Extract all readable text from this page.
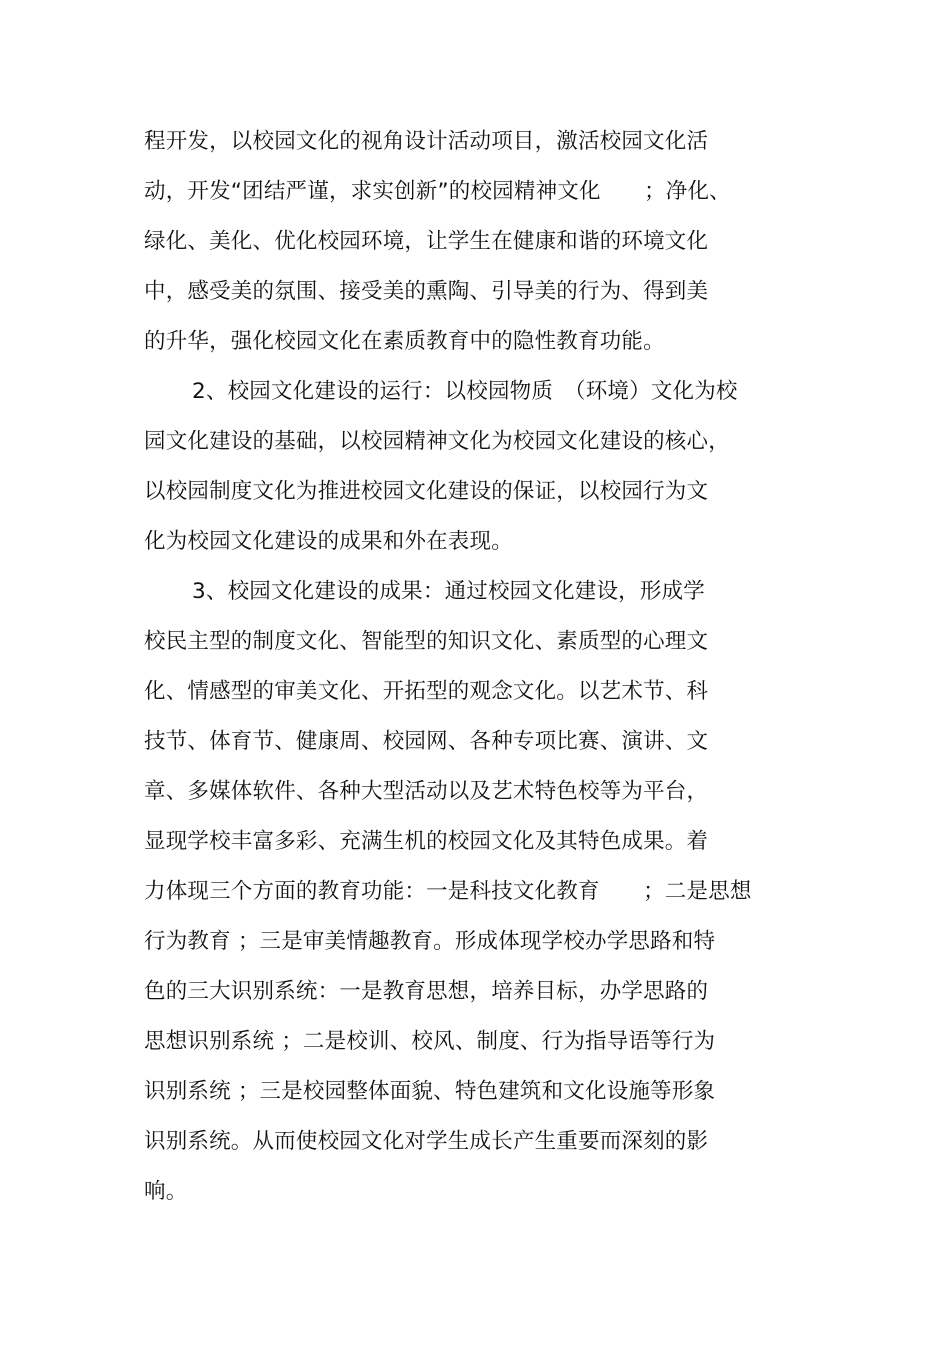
程开发，以校园文化的视角设计活动项目，激活校园文化活
动，开发“团结严谨，求实创新”的校园精神文化　　；净化、
绿化、美化、优化校园环境，让学生在健康和谐的环境文化
中，感受美的氛围、接受美的熏陶、引导美的行为、得到美
的升华，强化校园文化在素质教育中的隐性教育功能。
2、校园文化建设的运行：以校园物质　（环境）文化为校
园文化建设的基础，以校园精神文化为校园文化建设的核心，
以校园制度文化为推进校园文化建设的保证，以校园行为文
化为校园文化建设的成果和外在表现。
3、校园文化建设的成果：通过校园文化建设，形成学
校民主型的制度文化、智能型的知识文化、素质型的心理文
化、情感型的审美文化、开拓型的观念文化。以艺术节、科
技节、体育节、健康周、校园网、各种专项比赛、演讲、文
章、多媒体软件、各种大型活动以及艺术特色校等为平台，
显现学校丰富多彩、充满生机的校园文化及其特色成果。着
力体现三个方面的教育功能：一是科技文化教育　　；二是思想
行为教育 ；三是审美情趣教育。形成体现学校办学思路和特
色的三大识别系统：一是教育思想，培养目标，办学思路的
思想识别系统 ；二是校训、校风、制度、行为指导语等行为
识别系统 ；三是校园整体面貌、特色建筑和文化设施等形象
识别系统。从而使校园文化对学生成长产生重要而深刻的影
响。
